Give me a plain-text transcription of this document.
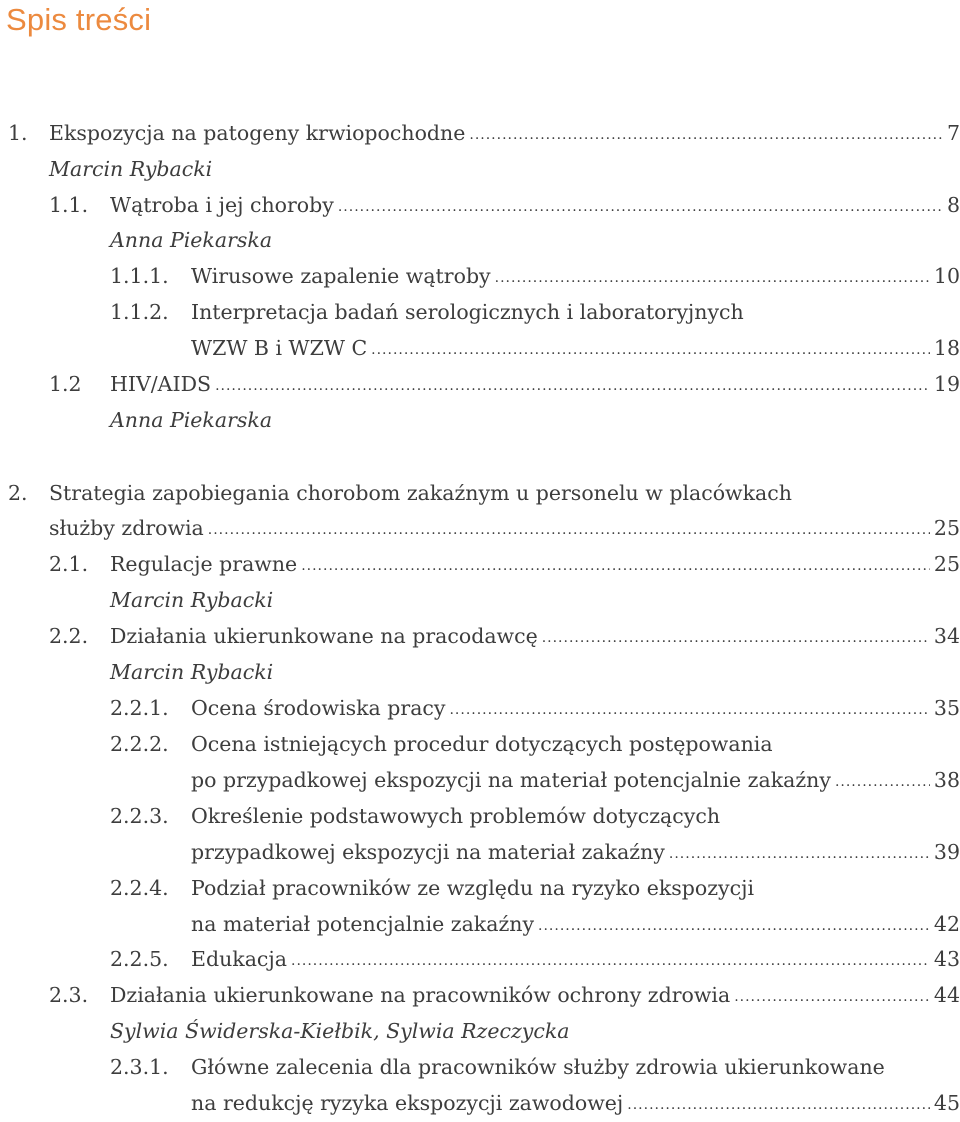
Spis treści
1.	Ekspozycja na patogeny krwiopochodne .....	7
Marcin Rybacki
1.1.	Wątroba i jej choroby .....	8
Anna Piekarska
1.1.1.	Wirusowe zapalenie wątroby .....	10
1.1.2.	Interpretacja badań serologicznych i laboratoryjnych
WZW B i WZW C .....	18
1.2	HIV/AIDS .....	19
Anna Piekarska
2.	Strategia zapobiegania chorobom zakaźnym u personelu w placówkach
służby zdrowia .....	25
2.1.	Regulacje prawne .....	25
Marcin Rybacki
2.2.	Działania ukierunkowane na pracodawcę .....	34
Marcin Rybacki
2.2.1.	Ocena środowiska pracy .....	35
2.2.2.	Ocena istniejących procedur dotyczących postępowania
po przypadkowej ekspozycji na materiał potencjalnie zakaźny .....	38
2.2.3.	Określenie podstawowych problemów dotyczących
przypadkowej ekspozycji na materiał zakaźny .....	39
2.2.4.	Podział pracowników ze względu na ryzyko ekspozycji
na materiał potencjalnie zakaźny .....	42
2.2.5.	Edukacja .....	43
2.3.	Działania ukierunkowane na pracowników ochrony zdrowia .....	44
Sylwia Świderska-Kiełbik, Sylwia Rzeczycka
2.3.1.	Główne zalecenia dla pracowników służby zdrowia ukierunkowane
na redukcję ryzyka ekspozycji zawodowej .....	45
